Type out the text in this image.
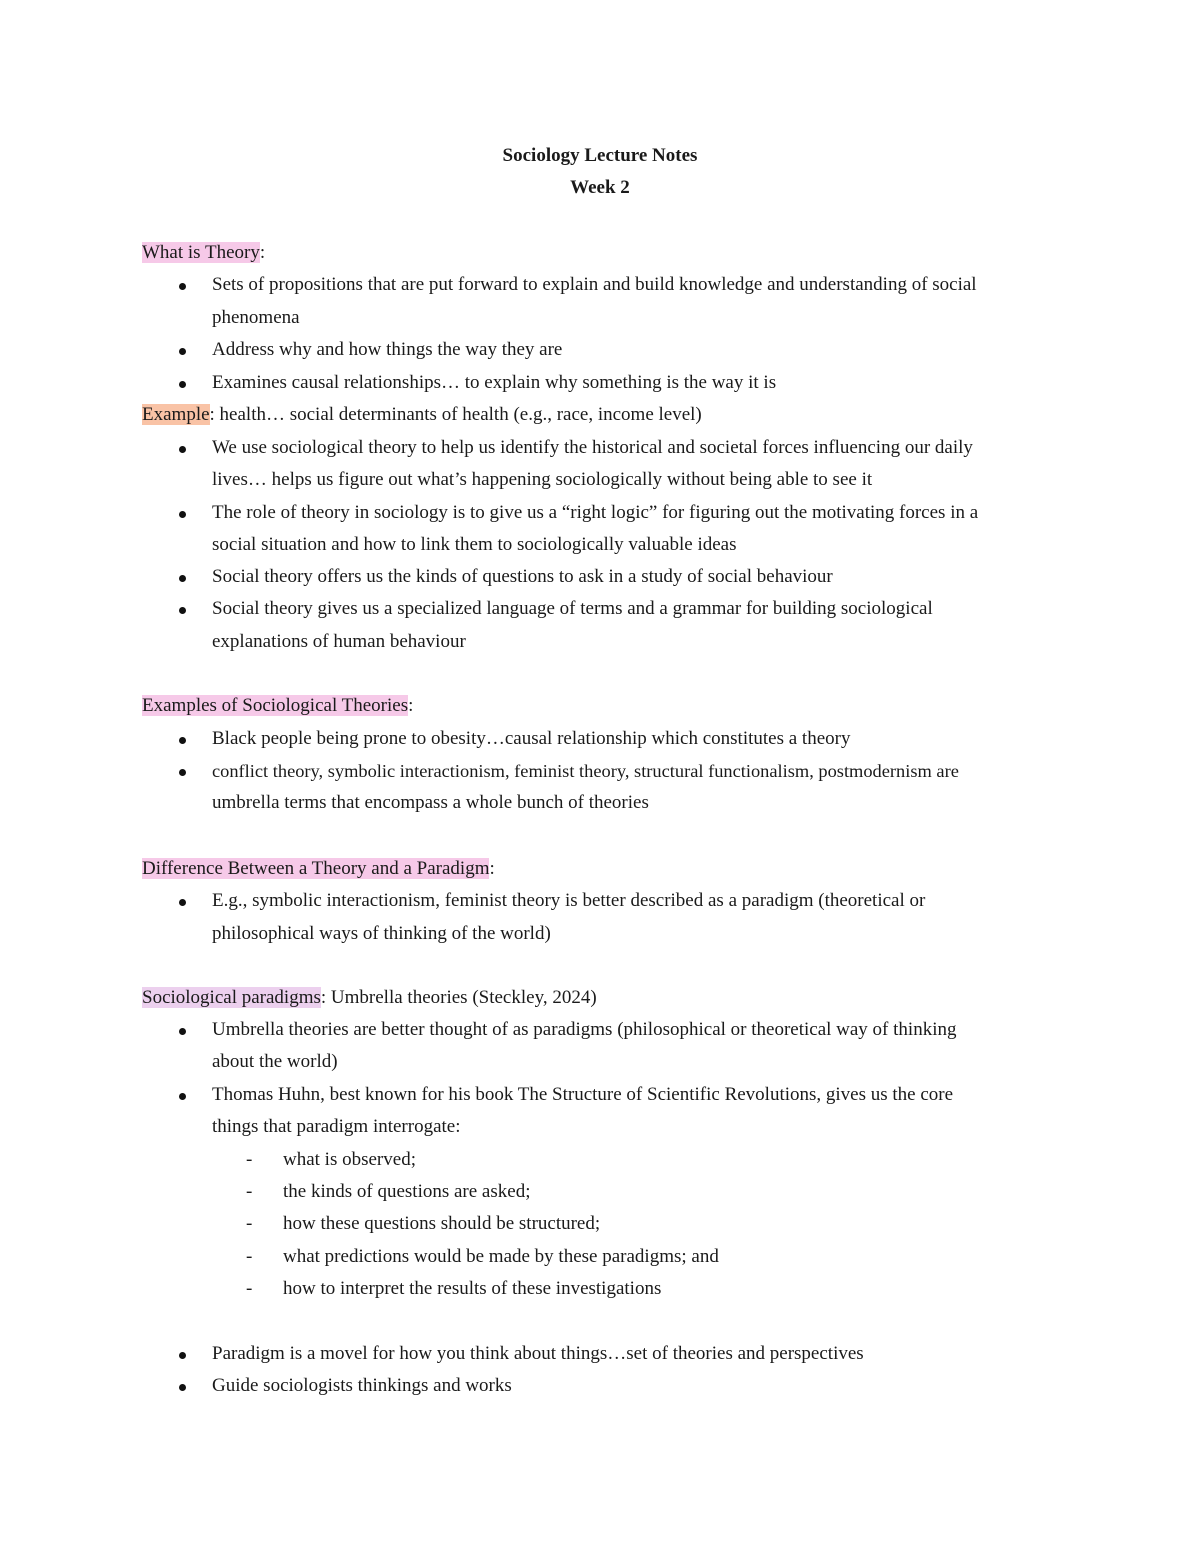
Sociology Lecture Notes
Week 2
What is Theory:
Sets of propositions that are put forward to explain and build knowledge and understanding of social
phenomena
Address why and how things the way they are
Examines causal relationships… to explain why something is the way it is
Example: health… social determinants of health (e.g., race, income level)
We use sociological theory to help us identify the historical and societal forces influencing our daily
lives… helps us figure out what’s happening sociologically without being able to see it
The role of theory in sociology is to give us a “right logic” for figuring out the motivating forces in a
social situation and how to link them to sociologically valuable ideas
Social theory offers us the kinds of questions to ask in a study of social behaviour
Social theory gives us a specialized language of terms and a grammar for building sociological
explanations of human behaviour
Examples of Sociological Theories:
Black people being prone to obesity…causal relationship which constitutes a theory
conflict theory, symbolic interactionism, feminist theory, structural functionalism, postmodernism are
umbrella terms that encompass a whole bunch of theories
Difference Between a Theory and a Paradigm:
E.g., symbolic interactionism, feminist theory is better described as a paradigm (theoretical or
philosophical ways of thinking of the world)
Sociological paradigms: Umbrella theories (Steckley, 2024)
Umbrella theories are better thought of as paradigms (philosophical or theoretical way of thinking
about the world)
Thomas Huhn, best known for his book The Structure of Scientific Revolutions, gives us the core
things that paradigm interrogate:
- what is observed;
- the kinds of questions are asked;
- how these questions should be structured;
- what predictions would be made by these paradigms; and
- how to interpret the results of these investigations
Paradigm is a movel for how you think about things…set of theories and perspectives
Guide sociologists thinkings and works
